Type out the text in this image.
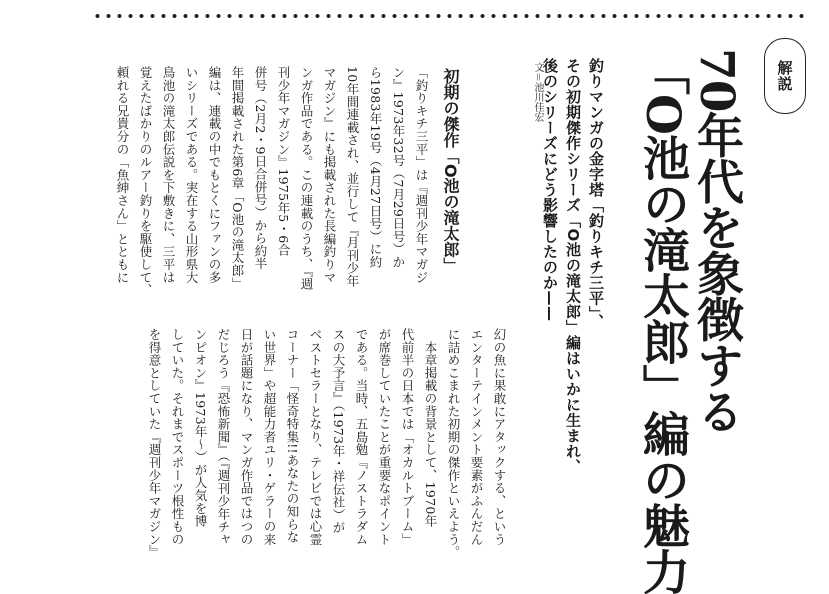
解説
70年代を象徴する
「O池の滝太郎」編の魅力
釣りマンガの金字塔「釣りキチ三平」、
その初期傑作シリーズ「O池の滝太郎」編はいかに生まれ、
後のシリーズにどう影響したのか——
文＝池川佳宏
初期の傑作「O池の滝太郎」
「釣りキチ三平」は『週刊少年マガジ
ン』1973年32号（7月29日号）か
ら1983年19号（4月27日号）に約
10年間連載され、並行して『月刊少年
マガジン』にも掲載された長編釣りマ
ンガ作品である。この連載のうち、『週
刊少年マガジン』1975年5・6合
併号（2月2・9日合併号）から約半
年間掲載された第6章「O池の滝太郎」
編は、連載の中でもとくにファンの多
いシリーズである。実在する山形県大
鳥池の滝太郎伝説を下敷きに、三平は
覚えたばかりのルアー釣りを駆使して、
頼れる兄貴分の「魚紳さん」とともに
幻の魚に果敢にアタックする、という
エンターテインメント要素がふんだん
に詰めこまれた初期の傑作といえよう。
　本章掲載の背景として、1970年
代前半の日本では「オカルトブーム」
が席巻していたことが重要なポイント
である。当時、五島勉『ノストラダム
スの大予言』（1973年・祥伝社）が
ベストセラーとなり、テレビでは心霊
コーナー「怪奇特集!!あなたの知らな
い世界」や超能力者ユリ・ゲラーの来
日が話題になり、マンガ作品ではつの
だじろう『恐怖新聞』（『週刊少年チャ
ンピオン』1973年〜）が人気を博
していた。それまでスポーツ根性もの
を得意としていた『週刊少年マガジン』
